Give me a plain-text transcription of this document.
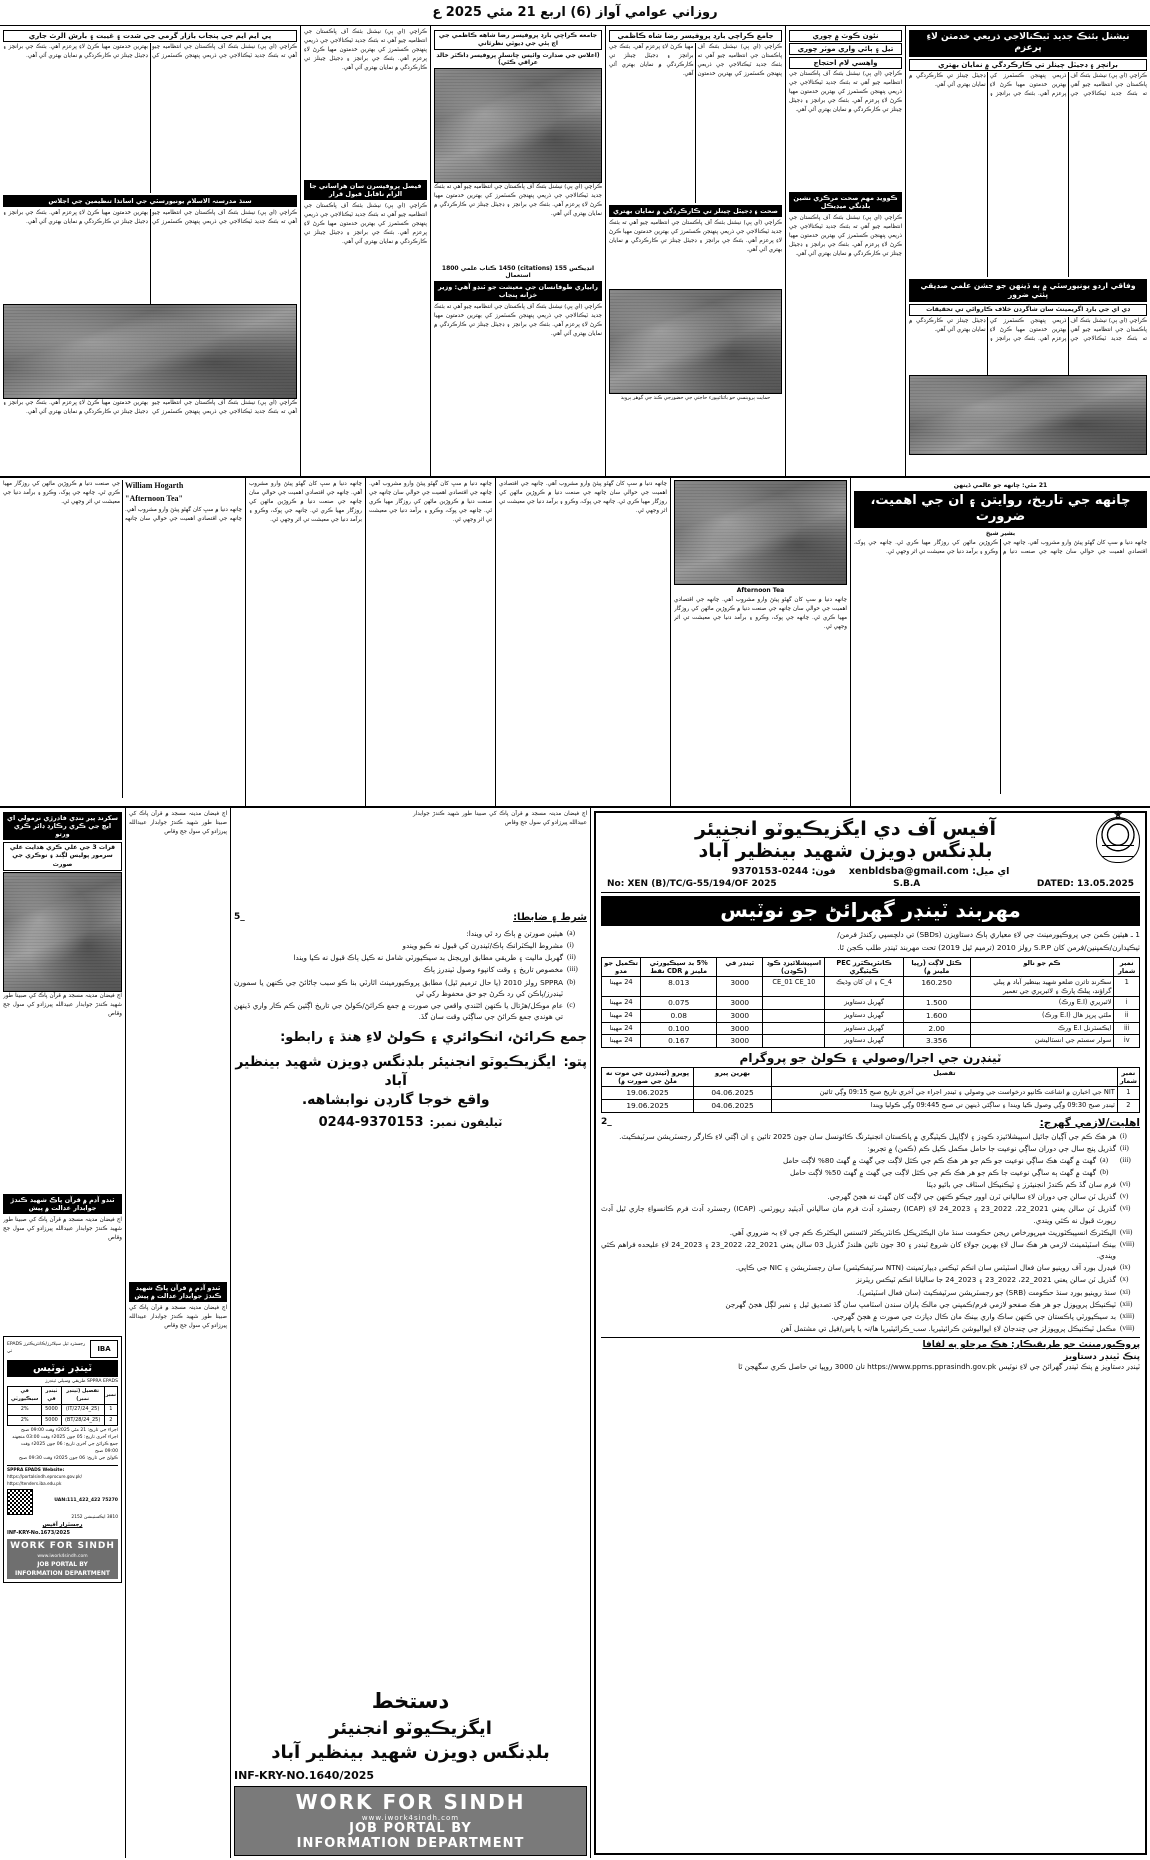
روزاني عوامي آواز (6) اربع 21 مئي 2025 ع
نيشنل بئنڪ جديد ٽيڪنالاجي ذريعي خدمتن لاءِ پرعزم
برانچز ۽ ڊجيٽل چينلز تي ڪارڪردگي ۾ نمايان بهتري
ڪراچي (اي ٻي) نيشنل بئنڪ آف پاڪستان جي انتظاميه چيو آهي ته بئنڪ جديد ٽيڪنالاجي جي ذريعي پنهنجن ڪسٽمرز کي بهترين خدمتون مهيا ڪرڻ لاءِ پرعزم آهي. بئنڪ جي برانچز ۽ ڊجيٽل چينلز تي ڪارڪردگي ۾ نمايان بهتري آئي آهي.
وفاقي اردو يونيورسٽي ۾ ٻه ڏينهن جو جشن علمي صديقي پٺتي ضرور
ڊي اي جي بارڊ اگريمينٽ سان شاگردن خلاف ڪاروائي تي تحقيقات
ڪراچي (اي ٻي) نيشنل بئنڪ آف پاڪستان جي انتظاميه چيو آهي ته بئنڪ جديد ٽيڪنالاجي جي ذريعي پنهنجن ڪسٽمرز کي بهترين خدمتون مهيا ڪرڻ لاءِ پرعزم آهي. بئنڪ جي برانچز ۽ ڊجيٽل چينلز تي ڪارڪردگي ۾ نمايان بهتري آئي آهي.
نئون ڪوٽ ۾ چوري
تيل ۽ ٻائي واري موٽر چوري
واهسي لام احتجاج
ڪراچي (اي ٻي) نيشنل بئنڪ آف پاڪستان جي انتظاميه چيو آهي ته بئنڪ جديد ٽيڪنالاجي جي ذريعي پنهنجن ڪسٽمرز کي بهترين خدمتون مهيا ڪرڻ لاءِ پرعزم آهي. بئنڪ جي برانچز ۽ ڊجيٽل چينلز تي ڪارڪردگي ۾ نمايان بهتري آئي آهي.
ڪوويڊ مهم صحت مرڪزي نشين بلڊنگي ميڊيڪل
ڪراچي (اي ٻي) نيشنل بئنڪ آف پاڪستان جي انتظاميه چيو آهي ته بئنڪ جديد ٽيڪنالاجي جي ذريعي پنهنجن ڪسٽمرز کي بهترين خدمتون مهيا ڪرڻ لاءِ پرعزم آهي. بئنڪ جي برانچز ۽ ڊجيٽل چينلز تي ڪارڪردگي ۾ نمايان بهتري آئي آهي.
جامع ڪراچي بارڊ پروفيسر رضا شاه ڪاظمي
ڪراچي (اي ٻي) نيشنل بئنڪ آف پاڪستان جي انتظاميه چيو آهي ته بئنڪ جديد ٽيڪنالاجي جي ذريعي پنهنجن ڪسٽمرز کي بهترين خدمتون مهيا ڪرڻ لاءِ پرعزم آهي. بئنڪ جي برانچز ۽ ڊجيٽل چينلز تي ڪارڪردگي ۾ نمايان بهتري آئي آهي.
صحت ۽ ڊجيٽل چينلز تي ڪارڪردگي ۾ نمايان بهتري
ڪراچي (اي ٻي) نيشنل بئنڪ آف پاڪستان جي انتظاميه چيو آهي ته بئنڪ جديد ٽيڪنالاجي جي ذريعي پنهنجن ڪسٽمرز کي بهترين خدمتون مهيا ڪرڻ لاءِ پرعزم آهي. بئنڪ جي برانچز ۽ ڊجيٽل چينلز تي ڪارڪردگي ۾ نمايان بهتري آئي آهي.
حمايت پروينسي حو باٿنائيپورء حاجتي جي حضورجي ڪنڌ جي گوهر ٻرويد
جامعه ڪراچي بارڊ پروفيسر رضا شاهه ڪاظمي جي اڄ ٻئي جي ڊيوٽي نظرثاني
(اعلاس جي صدارت وائيس چانسلر پروفيسر ڊاڪٽر خالد عراقي ڪئي)
ڪراچي (اي ٻي) نيشنل بئنڪ آف پاڪستان جي انتظاميه چيو آهي ته بئنڪ جديد ٽيڪنالاجي جي ذريعي پنهنجن ڪسٽمرز کي بهترين خدمتون مهيا ڪرڻ لاءِ پرعزم آهي. بئنڪ جي برانچز ۽ ڊجيٽل چينلز تي ڪارڪردگي ۾ نمايان بهتري آئي آهي.
انڊيڪس 155 (citations) 1450 ڪتاب علمي 1800 استعمال
رابياري طوفانسان جي معيشت جو ٽنڊو آهي: وزير خزانه پنجاب
ڪراچي (اي ٻي) نيشنل بئنڪ آف پاڪستان جي انتظاميه چيو آهي ته بئنڪ جديد ٽيڪنالاجي جي ذريعي پنهنجن ڪسٽمرز کي بهترين خدمتون مهيا ڪرڻ لاءِ پرعزم آهي. بئنڪ جي برانچز ۽ ڊجيٽل چينلز تي ڪارڪردگي ۾ نمايان بهتري آئي آهي.
ڪراچي (اي ٻي) نيشنل بئنڪ آف پاڪستان جي انتظاميه چيو آهي ته بئنڪ جديد ٽيڪنالاجي جي ذريعي پنهنجن ڪسٽمرز کي بهترين خدمتون مهيا ڪرڻ لاءِ پرعزم آهي. بئنڪ جي برانچز ۽ ڊجيٽل چينلز تي ڪارڪردگي ۾ نمايان بهتري آئي آهي.
فيصل پروفيسرن سان هراساني جا الزام ناقابل قبول قرار
ڪراچي (اي ٻي) نيشنل بئنڪ آف پاڪستان جي انتظاميه چيو آهي ته بئنڪ جديد ٽيڪنالاجي جي ذريعي پنهنجن ڪسٽمرز کي بهترين خدمتون مهيا ڪرڻ لاءِ پرعزم آهي. بئنڪ جي برانچز ۽ ڊجيٽل چينلز تي ڪارڪردگي ۾ نمايان بهتري آئي آهي.
پي ايم ايم جي پنجاب بازار گرمي جي شدت ۽ غيبت ۽ بارش الرٽ جاري
ڪراچي (اي ٻي) نيشنل بئنڪ آف پاڪستان جي انتظاميه چيو آهي ته بئنڪ جديد ٽيڪنالاجي جي ذريعي پنهنجن ڪسٽمرز کي بهترين خدمتون مهيا ڪرڻ لاءِ پرعزم آهي. بئنڪ جي برانچز ۽ ڊجيٽل چينلز تي ڪارڪردگي ۾ نمايان بهتري آئي آهي.
سنڌ مدرستہ الاسلام يونيورسٽي جي اساتذا تنظيمين جي اجلاس
ڪراچي (اي ٻي) نيشنل بئنڪ آف پاڪستان جي انتظاميه چيو آهي ته بئنڪ جديد ٽيڪنالاجي جي ذريعي پنهنجن ڪسٽمرز کي بهترين خدمتون مهيا ڪرڻ لاءِ پرعزم آهي. بئنڪ جي برانچز ۽ ڊجيٽل چينلز تي ڪارڪردگي ۾ نمايان بهتري آئي آهي.
ڪراچي (اي ٻي) نيشنل بئنڪ آف پاڪستان جي انتظاميه چيو آهي ته بئنڪ جديد ٽيڪنالاجي جي ذريعي پنهنجن ڪسٽمرز کي بهترين خدمتون مهيا ڪرڻ لاءِ پرعزم آهي. بئنڪ جي برانچز ۽ ڊجيٽل چينلز تي ڪارڪردگي ۾ نمايان بهتري آئي آهي.
21 مئي: چانهه جو عالمي ڏينهن
چانهه جي تاريخ، روايتن ۽ ان جي اهميت، ضرورت
بشير شيخ
چانهه دنيا ۾ سڀ کان گهڻو پيئڻ وارو مشروب آهي. چانهه جي اقتصادي اهميت جي حوالي سان چانهه جي صنعت دنيا ۾ ڪروڙين ماڻهن کي روزگار مهيا ڪري ٿي. چانهه جي پوک، وڪرو ۽ برآمد دنيا جي معيشت تي اثر وجهي ٿي.
Afternoon Tea
چانهه دنيا ۾ سڀ کان گهڻو پيئڻ وارو مشروب آهي. چانهه جي اقتصادي اهميت جي حوالي سان چانهه جي صنعت دنيا ۾ ڪروڙين ماڻهن کي روزگار مهيا ڪري ٿي. چانهه جي پوک، وڪرو ۽ برآمد دنيا جي معيشت تي اثر وجهي ٿي.
چانهه دنيا ۾ سڀ کان گهڻو پيئڻ وارو مشروب آهي. چانهه جي اقتصادي اهميت جي حوالي سان چانهه جي صنعت دنيا ۾ ڪروڙين ماڻهن کي روزگار مهيا ڪري ٿي. چانهه جي پوک، وڪرو ۽ برآمد دنيا جي معيشت تي اثر وجهي ٿي.
چانهه دنيا ۾ سڀ کان گهڻو پيئڻ وارو مشروب آهي. چانهه جي اقتصادي اهميت جي حوالي سان چانهه جي صنعت دنيا ۾ ڪروڙين ماڻهن کي روزگار مهيا ڪري ٿي. چانهه جي پوک، وڪرو ۽ برآمد دنيا جي معيشت تي اثر وجهي ٿي.
چانهه دنيا ۾ سڀ کان گهڻو پيئڻ وارو مشروب آهي. چانهه جي اقتصادي اهميت جي حوالي سان چانهه جي صنعت دنيا ۾ ڪروڙين ماڻهن کي روزگار مهيا ڪري ٿي. چانهه جي پوک، وڪرو ۽ برآمد دنيا جي معيشت تي اثر وجهي ٿي.
William Hogarth
"Afternoon Tea"
چانهه دنيا ۾ سڀ کان گهڻو پيئڻ وارو مشروب آهي. چانهه جي اقتصادي اهميت جي حوالي سان چانهه جي صنعت دنيا ۾ ڪروڙين ماڻهن کي روزگار مهيا ڪري ٿي. چانهه جي پوک، وڪرو ۽ برآمد دنيا جي معيشت تي اثر وجهي ٿي.
★
آفيس آف دي ايگزيڪيوٽو انجنيئر
بلڊنگس ڊويزن شهيد بينظير آباد
اي ميل: xenbldsba@gmail.com    فون: 0244-9370153
No: XEN (B)/TC/G-55/194/OF 2025	S.B.A	DATED: 13.05.2025
مهربند ٽينڊر گهرائڻ جو نوٽيس
1 ـ هيٺين ڪمن جي پروڪيورمينٽ جي لاءِ معياري ٻاڪ دستاويزن (SBDs) تي دلچسپي رکندڙ فرمن/
ٺيڪيدارن/ڪمپنين/فرمن کان S.P.P رولز 2010 (ترميم ٿيل 2019) تحت مهربند ٽينڊر طلب ڪجن ٿا.
نمبر شمار	ڪم جو نالو	ڪئل لاڳت (رپيا ملينز ۾)	ڪانٽريڪٽرز PEC ڪيٽيگري	اسپيشلائيزڊ ڪوڊ (ڪوڊن)	ٽينڊر في	5% بد سيڪيورٽي ملينز ۾ CDR نقط	تڪميل جو مدو
1	سڪرنڊ تاثرن ضلعو شهيد بينظير آباد ۾ پبلي گراؤنڊ، پبلڪ پارڪ ۽ لائبريري جي تعمير	160.250	C_4 ۽ ان کان وڌيڪ	CE_01 CE_10	3000	8.013	24 مهينا
i	لائبريري (E.I ورڪ)	1.500	گهربل دستاويز		3000	0.075	24 مهينا
ii	ملٽي پرپز هال (E.I ورڪ)	1.600	گهربل دستاويز		3000	0.08	24 مهينا
iii	ايڪسٽرنل E.I ورڪ	2.00	گهربل دستاويز		3000	0.100	24 مهينا
iv	سولر سسٽم جي انسٽاليشن	3.356	گهربل دستاويز		3000	0.167	24 مهينا
ٽينڊرن جي اجرا/وصولي ۽ ڪولڻ جو پروگرام
نمبر شمار	تفصيل	بهرين پيرو	پويرو (ٽينڊرن جي موت نه ملڻ جي صورت ۾)
1	NIT جي اخبارن ۾ اشاعت ڪانپو درخواست جي وصولي ۽ ٽينڊر اجراء جي آخري تاريخ صبح 09:15 وڳي ٿائين	04.06.2025	19.06.2025
2	ٽينڊر صبح 09:30 وڳي وصول ڪيا ويندا ۽ ساڳئي ڏينهن تي صبح 09:445 وڳي ڪوليا ويندا	04.06.2025	19.06.2025
اهليت/لازمي گهرج:
2_
(i)
هر هڪ ڪم جي آڳيان جائيل اسپيشلائيزڊ ڪوڊز ۽ لاڳاپيل ڪيٽيگري ۾ پاڪستان انجنيئرنگ ڪائونسل سان جون 2025 تائين ۽ ان اڳتي لاءِ ڪارگر رجسٽريشن سرٽيفڪيٽ.
(ii)
گذريل پنج سال جي دوران ساڳي نوعيت جا حامل مڪمل ڪيل ڪم (ڪمن) ۾ تجربو:
(iii)
(a)
گهٽ ۾ گهٽ هڪ ساڳي نوعيت جو ڪم جو هر هڪ ڪم جي ڪئل لاڳت جي گهٽ ۾ گهٽ 80% لاڳت حامل
(b)
گهٽ ۾ گهٽ ٻه ساڳي نوعيت جا ڪم جو هر هڪ ڪم جي ڪئل لاڳت جي گهٽ ۾ گهٽ 50% لاڳت حامل
(vi)
فرم سان گڏ ڪم ڪندڙ انجنيئرز ۽ ٽيڪنيڪل اسٽاف جي بائيو ڊيٽا
(v)
گذريل ٽن سالن جي دوران لاءِ سالياني ٽرن اوور جيڪو ڪنهن جي لاڳت کان گهٽ نه هجڻ گهرجي.
(vi)
گذريل ٽن سالن يعني 2021_22، 2022_23 ۽ 2023_24 لاءِ (ICAP) رجسٽرڊ آڊٽ فرم مان سالياني آڊيٽيڊ رپورٽس. (ICAP) رجسٽرڊ آڊٽ فرم ڪانسواءِ جاري ٿيل آڊٽ رپورٽ قبول نه ڪئي ويندي.
(vii)
اليڪٽرڪ انسپيڪٽوريٽ ميرپورخاص ريجن حڪومت سنڌ مان اليڪٽريڪل ڪانٽريڪٽر لائسنس اليڪٽرڪ ڪم جي لاءِ بہ ضروري آهي.
(viii)
بينڪ اسٽيٽمينٽ لازمي هر هڪ سال لاءِ بهرين جولاءِ کان شروع ٽينڊر ۽ 30 جون تائين هلندڙ گذريل 03 سالن يعني 2021_22، 2022_23 ۽ 2023_24 لاءِ عليحده فراهم ڪئي ويندي.
(ix)
فيڊرل بورڊ آف روينيو سان فعال اسٽيٽس سان انڪم ٽيڪس ڊيپارٽمينٽ (NTN سرٽيفڪيٽس) سان رجسٽريشن ۽ NIC جي ڪاپي.
(x)
گذريل ٽن سالن يعني 2021_22، 2022_23 ۽ 2023_24 جا ساليانا انڪم ٽيڪس ريٽرنز
(xi)
سنڌ روينيو بورڊ سنڌ حڪومت (SRB) جو رجسٽريشن سرٽيفڪيٽ (سان فعال اسٽيٽس).
(xii)
ٽيڪنيڪل پروپوزل جو هر هڪ صفحو لازمي فرم/ڪمپني جي مالڪ ياران سندن اسٽامپ سان گڏ تصديق ٿيل ۽ نمبر لڳل هجڻ گهرجن
(xiii)
بد سيڪيورٽي پاڪستان جي ڪنهن ساڪ واري بينڪ مان ڪال ڊپازٽ جي صورت ۾ هجڻ گهرجي.
(viii)
مڪمل ٽيڪنيڪل پروپوزلز جي چندجاڻ لاءِ ايواليوشن ڪرائيٽيريا. سب_ڪرائيٽيريا ها/نہ يا پاس/فيل تي مشتمل آهن
پروڪيورمينٽ جو طريقيڪار: هڪ مرحلو ٻه لفافا
پنڪ ٽينڊر دستاويز
ٽينڊر دستاويز ۾ پنڪ ٽينڊر گهرائڻ جي لاءِ نوٽيس https://www.ppms.pprasindh.gov.pk تان 3000 روپيا تي حاصل ڪري سگهجن ٿا
اڄ فيضان مدينہ مسجد ۾ قرآن پاڪ کي صبينا طور شهيد ڪندڙ جوابدار عبيدالله پيرزادو کي سول جج وقاص
شرط ۽ ضابطا:
5_
(a)
هيٺين صورتن ۾ ٻاڪ رد ٿي ويندا:
(i)
مشروط اليڪٽرانڪ ٻاڪ/ٽينڊرن کي قبول نه ڪيو ويندو
(ii)
گهربل ماليت ۽ طريقي مطابق اوريجنل بد سيڪيورٽي شامل نه ڪيل ٻاڪ قبول نه ڪيا ويندا
(iii)
مخصوص تاريخ ۽ وقت کانپوء وصول ٽينڊرز ٻاڪ
(b)
SPPRA رولز 2010 (يا حال ترميم ٿيل) مطابق پروڪيورمينٽ اٿارٽي بنا ڪو سبب ڄاڻائڻ جي ڪنهن يا سمورن ٽينڊرز/ٻاڪن کي رد ڪرڻ جو حق محفوظ رکي ٿي
(c)
عام موڪل/هڙتال يا ڪنهن اڻٽندي واقعي جي صورت ۾ جمع ڪرائڻ/ڪولڻ جي تاريخ اڳئين ڪم ڪار واري ڏينهن تي هوندي جمع ڪرائڻ جي ساڳئي وقت سان گڏ.
جمع ڪرائڻ، انڪوائري ۽ ڪولڻ لاءِ هنڌ ۽ رابطو:
پتو:
ايگزيڪيوٽو انجنيئر بلڊنگس ڊويزن شهيد بينظير آباد
واقع خوجا گارڊن نوابشاهه.
ٽيليفون نمبر:
0244-9370153
دستخط
ايگزيڪيوٽو انجنيئر
بلڊنگس ڊويزن شهيد بينظير آباد
INF-KRY-NO.1640/2025
WORK FOR SINDH
www.iwork4sindh.com
JOB PORTAL BY
INFORMATION DEPARTMENT
اڄ فيضان مدينہ مسجد ۾ قرآن پاڪ کي صبينا طور شهيد ڪندڙ جوابدار عبيدالله پيرزادو کي سول جج وقاص
ٽندو آدم ۾ قرآن پاڪ شهيد ڪندڙ جوابدار عدالت ۾ پيش
اڄ فيضان مدينہ مسجد ۾ قرآن پاڪ کي صبينا طور شهيد ڪندڙ جوابدار عبيدالله پيرزادو کي سول جج وقاص
سکرند پير ننڊي فادرڙي نرمولي اي ايچ جي ڪري رڪارڊ ڊائر ڪري ورتو
قرات 3 جي علي ڪري هدايت علي سرمور پوليس لڳند ۽ نوڪري جي صورت
اڄ فيضان مدينہ مسجد ۾ قرآن پاڪ کي صبينا طور شهيد ڪندڙ جوابدار عبيدالله پيرزادو کي سول جج وقاص
ٽندو آدم ۾ قرآن پاڪ شهيد ڪندڙ جوابدار عدالت ۾ پيش
اڄ فيضان مدينہ مسجد ۾ قرآن پاڪ کي صبينا طور شهيد ڪندڙ جوابدار عبيدالله پيرزادو کي سول جج وقاص
IBA
رجسٽرڊ ٿيل سپلائرز/ڪانٽريڪٽرز EPADS تي
ٽينڊر نوٽيس
SPPRA EPADS طريقي وسيلي ٽينڊرز
نمبر	تفصيل (ٽينڊر نمبر)	ٽينڊر في	في سيڪيورٽي
1	(IT/27/24_25)	5000	2%
2	(BT/28/24_25)	5000	2%
اجراء جي تاريخ: 21 مئي 2025ء وقت 09:00 صبح
اجراء آخري تاريخ: 05 جون 2025ء وقت 03:00 منجهند
جمع ڪرائڻ جي آخري تاريخ: 06 جون 2025ء وقت 09:00 صبح
ڪولڻ جي تاريخ: 06 جون 2025ء وقت 09:30 صبح
SPPRA EPADS Website:
https://portalsindh.eprocure.gov.pk/
https://tenders.iba.edu.pk
UAN:111_422_422 75270
3810 ايڪسٽينشن 2152
رجسٽرار آفيس
INF-KRY-No.1673/2025
WORK FOR SINDH
www.iwork4sindh.com
JOB PORTAL BY
INFORMATION DEPARTMENT
